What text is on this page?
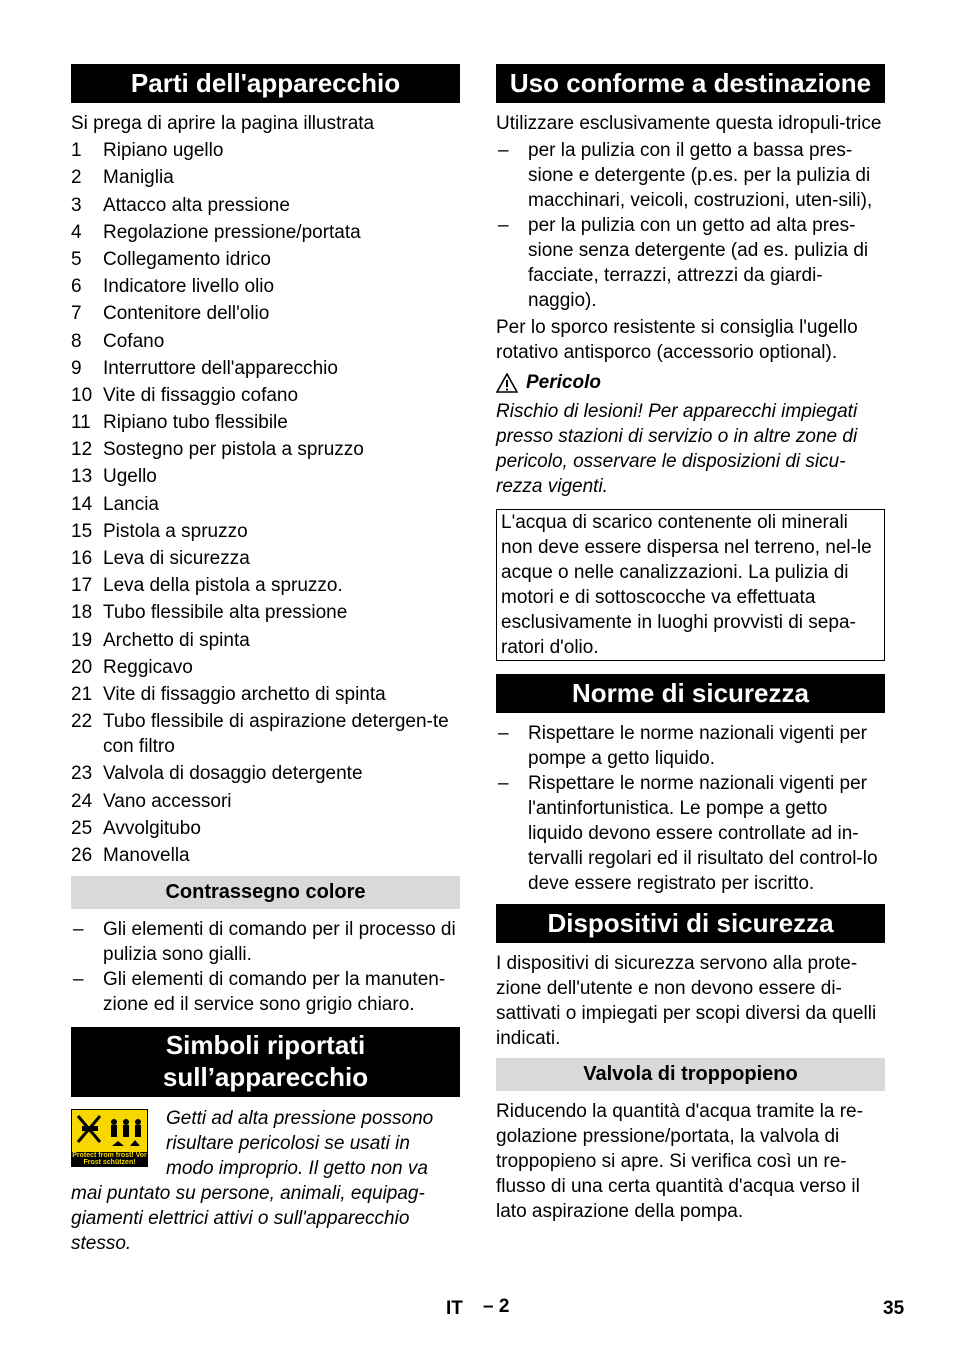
Parti dell'apparecchio

Si prega di aprire la pagina illustrata

1	Ripiano ugello
2	Maniglia
3	Attacco alta pressione
4	Regolazione pressione/portata
5	Collegamento idrico
6	Indicatore livello olio
7	Contenitore dell'olio
8	Cofano
9	Interruttore dell'apparecchio
10 Vite di fissaggio cofano
11 Ripiano tubo flessibile
12 Sostegno per pistola a spruzzo
13 Ugello
14 Lancia
15 Pistola a spruzzo
16 Leva di sicurezza
17 Leva della pistola a spruzzo.
18 Tubo flessibile alta pressione
19 Archetto di spinta
20 Reggicavo
21 Vite di fissaggio archetto di spinta
22 Tubo flessibile di aspirazione detergen-te con filtro
23 Valvola di dosaggio detergente
24 Vano accessori
25 Avvolgitubo
26 Manovella
Contrassegno colore
–	Gli elementi di comando per il processo di pulizia sono gialli.
–	Gli elementi di comando per la manuten-zione ed il service sono grigio chiaro.
Simboli riportati
sull’apparecchio
Protect from frost! Vor Frost schützen!

Getti ad alta pressione possono risultare pericolosi se usati in modo improprio. Il getto non va mai puntato su persone, animali, equipag-giamenti elettrici attivi o sull'apparecchio stesso.

Uso conforme a destinazione

Utilizzare esclusivamente questa idropuli-trice

–	per la pulizia con il getto a bassa pres-sione e detergente (p.es. per la pulizia di macchinari, veicoli, costruzioni, uten-sili),
–	per la pulizia con un getto ad alta pres-sione senza detergente (ad es. pulizia di facciate, terrazzi, attrezzi da giardi-naggio).

Per lo sporco resistente si consiglia l'ugello rotativo antisporco (accessorio optional).

Pericolo

Rischio di lesioni! Per apparecchi impiegati presso stazioni di servizio o in altre zone di pericolo, osservare le disposizioni di sicu-rezza vigenti.

L'acqua di scarico contenente oli minerali non deve essere dispersa nel terreno, nel-le acque o nelle canalizzazioni. La pulizia di motori e di sottoscocche va effettuata esclusivamente in luoghi provvisti di sepa-ratori d'olio.
Norme di sicurezza
–	Rispettare le norme nazionali vigenti per pompe a getto liquido.
–	Rispettare le norme nazionali vigenti per l'antinfortunistica. Le pompe a getto liquido devono essere controllate ad in-tervalli regolari ed il risultato del control-lo deve essere registrato per iscritto.
Dispositivi di sicurezza

I dispositivi di sicurezza servono alla prote-zione dell'utente e non devono essere di-sattivati o impiegati per scopi diversi da quelli indicati.

Valvola di troppopieno

Riducendo la quantità d'acqua tramite la re-golazione pressione/portata, la valvola di troppopieno si apre. Si verifica così un re-flusso di una certa quantità d'acqua verso il lato aspirazione della pompa.

IT – 2	35
